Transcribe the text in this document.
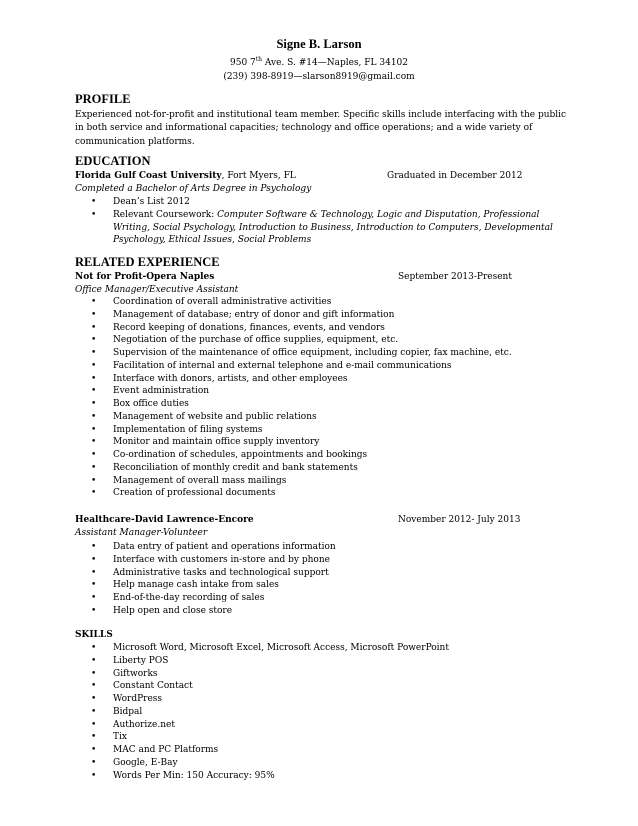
Signe B. Larson
950 7th Ave. S. #14—Naples, FL 34102
(239) 398-8919—slarson8919@gmail.com
PROFILE
Experienced not-for-profit and institutional team member. Specific skills include interfacing with the public in both service and informational capacities; technology and office operations; and a wide variety of communication platforms.
EDUCATION
Florida Gulf Coast University, Fort Myers, FL	Graduated in December 2012
Completed a Bachelor of Arts Degree in Psychology
• Dean’s List 2012
• Relevant Coursework: Computer Software & Technology, Logic and Disputation, Professional Writing, Social Psychology, Introduction to Business, Introduction to Computers, Developmental Psychology, Ethical Issues, Social Problems
RELATED EXPERIENCE
Not for Profit-Opera Naples	September 2013-Present
Office Manager/Executive Assistant
• Coordination of overall administrative activities
• Management of database; entry of donor and gift information
• Record keeping of donations, finances, events, and vendors
• Negotiation of the purchase of office supplies, equipment, etc.
• Supervision of the maintenance of office equipment, including copier, fax machine, etc.
• Facilitation of internal and external telephone and e-mail communications
• Interface with donors, artists, and other employees
• Event administration
• Box office duties
• Management of website and public relations
• Implementation of filing systems
• Monitor and maintain office supply inventory
• Co-ordination of schedules, appointments and bookings
• Reconciliation of monthly credit and bank statements
• Management of overall mass mailings
• Creation of professional documents
Healthcare-David Lawrence-Encore	November 2012- July 2013
Assistant Manager-Volunteer
• Data entry of patient and operations information
• Interface with customers in-store and by phone
• Administrative tasks and technological support
• Help manage cash intake from sales
• End-of-the-day recording of sales
• Help open and close store
SKILLS
• Microsoft Word, Microsoft Excel, Microsoft Access, Microsoft PowerPoint
• Liberty POS
• Giftworks
• Constant Contact
• WordPress
• Bidpal
• Authorize.net
• Tix
• MAC and PC Platforms
• Google, E-Bay
• Words Per Min: 150 Accuracy: 95%
